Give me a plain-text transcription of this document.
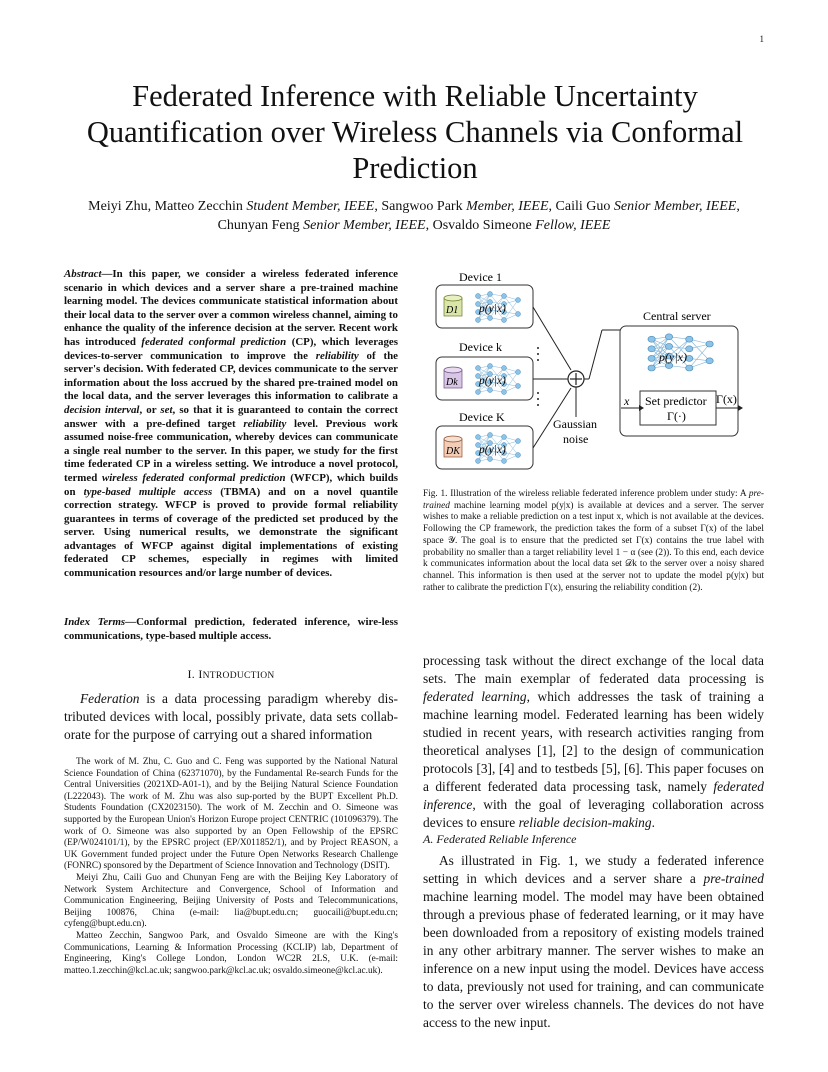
1
Federated Inference with Reliable Uncertainty Quantification over Wireless Channels via Conformal Prediction
Meiyi Zhu, Matteo Zecchin Student Member, IEEE, Sangwoo Park Member, IEEE, Caili Guo Senior Member, IEEE, Chunyan Feng Senior Member, IEEE, Osvaldo Simeone Fellow, IEEE
Abstract—In this paper, we consider a wireless federated inference scenario in which devices and a server share a pre-trained machine learning model. The devices communicate statistical information about their local data to the server over a common wireless channel, aiming to enhance the quality of the inference decision at the server. Recent work has introduced federated conformal prediction (CP), which leverages devices-to-server communication to improve the reliability of the server's decision. With federated CP, devices communicate to the server information about the loss accrued by the shared pre-trained model on the local data, and the server leverages this information to calibrate a decision interval, or set, so that it is guaranteed to contain the correct answer with a pre-defined target reliability level. Previous work assumed noise-free communication, whereby devices can communicate a single real number to the server. In this paper, we study for the first time federated CP in a wireless setting. We introduce a novel protocol, termed wireless federated conformal prediction (WFCP), which builds on type-based multiple access (TBMA) and on a novel quantile correction strategy. WFCP is proved to provide formal reliability guarantees in terms of coverage of the predicted set produced by the server. Using numerical results, we demonstrate the significant advantages of WFCP against digital implementations of existing federated CP schemes, especially in regimes with limited communication resources and/or large number of devices.
Index Terms—Conformal prediction, federated inference, wire-less communications, type-based multiple access.
I. INTRODUCTION
Federation is a data processing paradigm whereby dis-tributed devices with local, possibly private, data sets collab-orate for the purpose of carrying out a shared information

The work of M. Zhu, C. Guo and C. Feng was supported by the National Natural Science Foundation of China (62371070), by the Fundamental Re-search Funds for the Central Universities (2021XD-A01-1), and by the Beijing Natural Science Foundation (L222043). The work of M. Zhu was also sup-ported by the BUPT Excellent Ph.D. Students Foundation (CX2023150). The work of M. Zecchin and O. Simeone was supported by the European Union's Horizon Europe project CENTRIC (101096379). The work of O. Simeone was also supported by an Open Fellowship of the EPSRC (EP/W024101/1), by the EPSRC project (EP/X011852/1), and by Project REASON, a UK Government funded project under the Future Open Networks Research Challenge (FONRC) sponsored by the Department of Science Innovation and Technology (DSIT).

Meiyi Zhu, Caili Guo and Chunyan Feng are with the Beijing Key Laboratory of Network System Architecture and Convergence, School of Information and Communication Engineering, Beijing University of Posts and Telecommunications, Beijing 100876, China (e-mail: lia@bupt.edu.cn; guocaili@bupt.edu.cn; cyfeng@bupt.edu.cn).

Matteo Zecchin, Sangwoo Park, and Osvaldo Simeone are with the King's Communications, Learning & Information Processing (KCLIP) lab, Department of Engineering, King's College London, London WC2R 2LS, U.K. (e-mail: matteo.1.zecchin@kcl.ac.uk; sangwoo.park@kcl.ac.uk; osvaldo.simeone@kcl.ac.uk).

Device 1
D1 p(y|x)
Device k
Dk p(y|x)
Device K
DK p(y|x)
Gaussian
noise
Central server
p(y|x)
Set predictor
Γ(·)
x	Γ(x)
Fig. 1. Illustration of the wireless reliable federated inference problem under study: A pre-trained machine learning model p(y|x) is available at devices and a server. The server wishes to make a reliable prediction on a test input x, which is not available at the devices. Following the CP framework, the prediction takes the form of a subset Γ(x) of the label space 𝒴. The goal is to ensure that the predicted set Γ(x) contains the true label with probability no smaller than a target reliability level 1 − α (see (2)). To this end, each device k communicates information about the local data set 𝒟k to the server over a noisy shared channel. This information is then used at the server not to update the model p(y|x) but rather to calibrate the prediction Γ(x), ensuring the reliability condition (2).
processing task without the direct exchange of the local data sets. The main exemplar of federated data processing is federated learning, which addresses the task of training a machine learning model. Federated learning has been widely studied in recent years, with research activities ranging from theoretical analyses [1], [2] to the design of communication protocols [3], [4] and to testbeds [5], [6]. This paper focuses on a different federated data processing task, namely federated inference, with the goal of leveraging collaboration across devices to ensure reliable decision-making.
A. Federated Reliable Inference
As illustrated in Fig. 1, we study a federated inference setting in which devices and a server share a pre-trained machine learning model. The model may have been obtained through a previous phase of federated learning, or it may have been downloaded from a repository of existing models trained in any other arbitrary manner. The server wishes to make an inference on a new input using the model. Devices have access to data, previously not used for training, and can communicate to the server over wireless channels. The devices do not have access to the new input.
